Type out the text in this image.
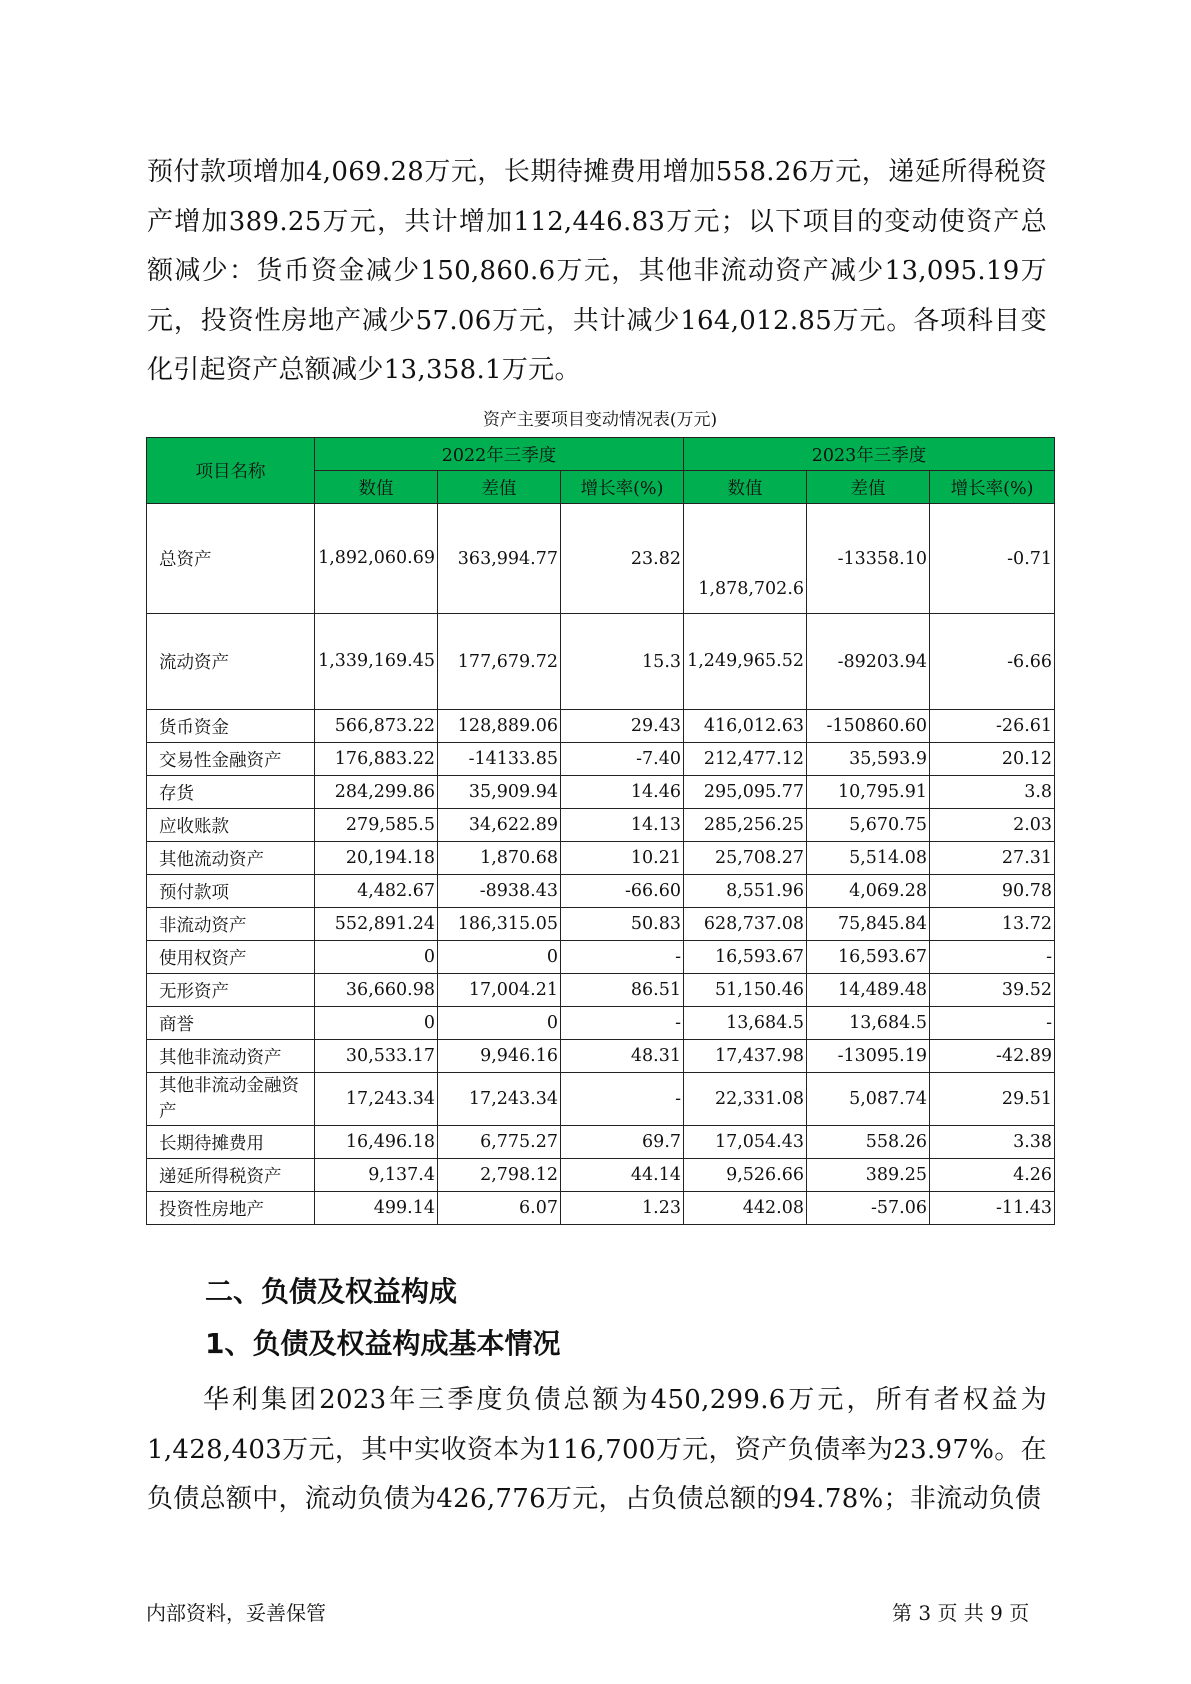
预付款项增加4,069.28万元，长期待摊费用增加558.26万元，递延所得税资产增加389.25万元，共计增加112,446.83万元；以下项目的变动使资产总额减少：货币资金减少150,860.6万元，其他非流动资产减少13,095.19万元，投资性房地产减少57.06万元，共计减少164,012.85万元。各项科目变化引起资产总额减少13,358.1万元。

资产主要项目变动情况表(万元)
项目名称	2022年三季度			2023年三季度		
	数值	差值	增长率(%)	数值	差值	增长率(%)
总资产	1,892,060.69	363,994.77	23.82	1,878,702.6	-13358.10	-0.71
流动资产	1,339,169.45	177,679.72	15.3	1,249,965.52	-89203.94	-6.66
货币资金	566,873.22	128,889.06	29.43	416,012.63	-150860.60	-26.61
交易性金融资产	176,883.22	-14133.85	-7.40	212,477.12	35,593.9	20.12
存货	284,299.86	35,909.94	14.46	295,095.77	10,795.91	3.8
应收账款	279,585.5	34,622.89	14.13	285,256.25	5,670.75	2.03
其他流动资产	20,194.18	1,870.68	10.21	25,708.27	5,514.08	27.31
预付款项	4,482.67	-8938.43	-66.60	8,551.96	4,069.28	90.78
非流动资产	552,891.24	186,315.05	50.83	628,737.08	75,845.84	13.72
使用权资产	0	0	-	16,593.67	16,593.67	-
无形资产	36,660.98	17,004.21	86.51	51,150.46	14,489.48	39.52
商誉	0	0	-	13,684.5	13,684.5	-
其他非流动资产	30,533.17	9,946.16	48.31	17,437.98	-13095.19	-42.89
其他非流动金融资产	17,243.34	17,243.34	-	22,331.08	5,087.74	29.51
长期待摊费用	16,496.18	6,775.27	69.7	17,054.43	558.26	3.38
递延所得税资产	9,137.4	2,798.12	44.14	9,526.66	389.25	4.26
投资性房地产	499.14	6.07	1.23	442.08	-57.06	-11.43
二、负债及权益构成
1、负债及权益构成基本情况

华利集团2023年三季度负债总额为450,299.6万元，所有者权益为1,428,403万元，其中实收资本为116,700万元，资产负债率为23.97%。在负债总额中，流动负债为426,776万元，占负债总额的94.78%；非流动负债

内部资料，妥善保管	第 3 页 共 9 页
